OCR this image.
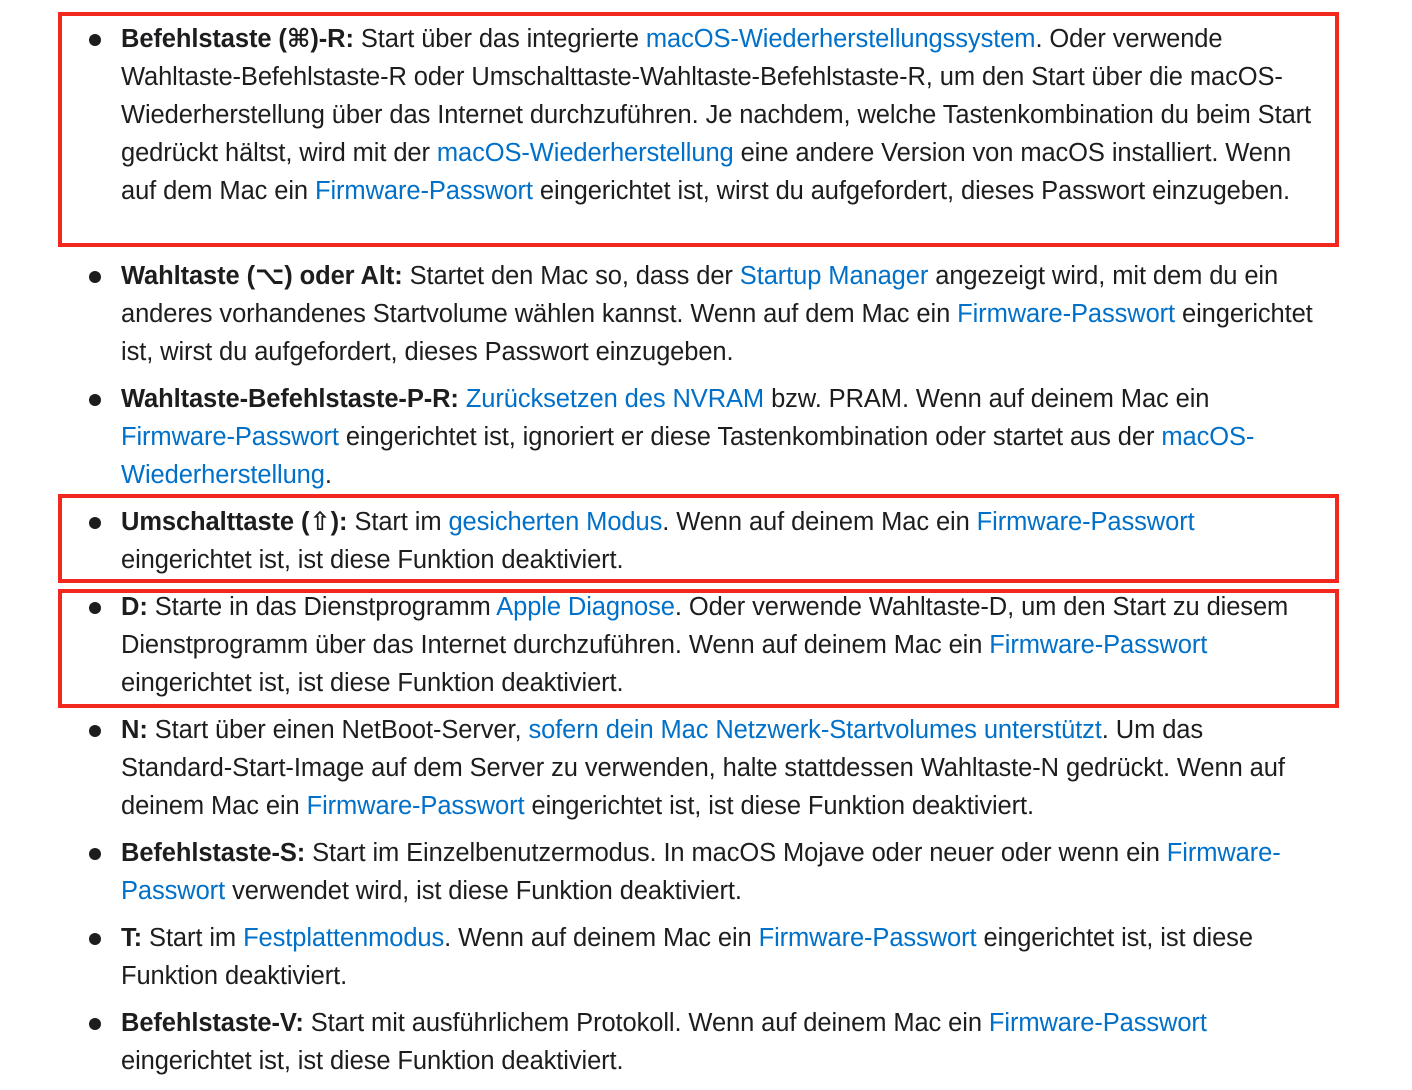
Befehlstaste (⌘)-R: Start über das integrierte macOS-Wiederherstellungssystem. Oder verwende Wahltaste-Befehlstaste-R oder Umschalttaste-Wahltaste-Befehlstaste-R, um den Start über die macOS-Wiederherstellung über das Internet durchzuführen. Je nachdem, welche Tastenkombination du beim Start gedrückt hältst, wird mit der macOS-Wiederherstellung eine andere Version von macOS installiert. Wenn auf dem Mac ein Firmware-Passwort eingerichtet ist, wirst du aufgefordert, dieses Passwort einzugeben.
Wahltaste (⌥) oder Alt: Startet den Mac so, dass der Startup Manager angezeigt wird, mit dem du ein anderes vorhandenes Startvolume wählen kannst. Wenn auf dem Mac ein Firmware-Passwort eingerichtet ist, wirst du aufgefordert, dieses Passwort einzugeben.
Wahltaste-Befehlstaste-P-R: Zurücksetzen des NVRAM bzw. PRAM. Wenn auf deinem Mac ein Firmware-Passwort eingerichtet ist, ignoriert er diese Tastenkombination oder startet aus der macOS-Wiederherstellung.
Umschalttaste (⇧): Start im gesicherten Modus. Wenn auf deinem Mac ein Firmware-Passwort eingerichtet ist, ist diese Funktion deaktiviert.
D: Starte in das Dienstprogramm Apple Diagnose. Oder verwende Wahltaste-D, um den Start zu diesem Dienstprogramm über das Internet durchzuführen. Wenn auf deinem Mac ein Firmware-Passwort eingerichtet ist, ist diese Funktion deaktiviert.
N: Start über einen NetBoot-Server, sofern dein Mac Netzwerk-Startvolumes unterstützt. Um das Standard-Start-Image auf dem Server zu verwenden, halte stattdessen Wahltaste-N gedrückt. Wenn auf deinem Mac ein Firmware-Passwort eingerichtet ist, ist diese Funktion deaktiviert.
Befehlstaste-S: Start im Einzelbenutzermodus. In macOS Mojave oder neuer oder wenn ein Firmware-Passwort verwendet wird, ist diese Funktion deaktiviert.
T: Start im Festplattenmodus. Wenn auf deinem Mac ein Firmware-Passwort eingerichtet ist, ist diese Funktion deaktiviert.
Befehlstaste-V: Start mit ausführlichem Protokoll. Wenn auf deinem Mac ein Firmware-Passwort eingerichtet ist, ist diese Funktion deaktiviert.
